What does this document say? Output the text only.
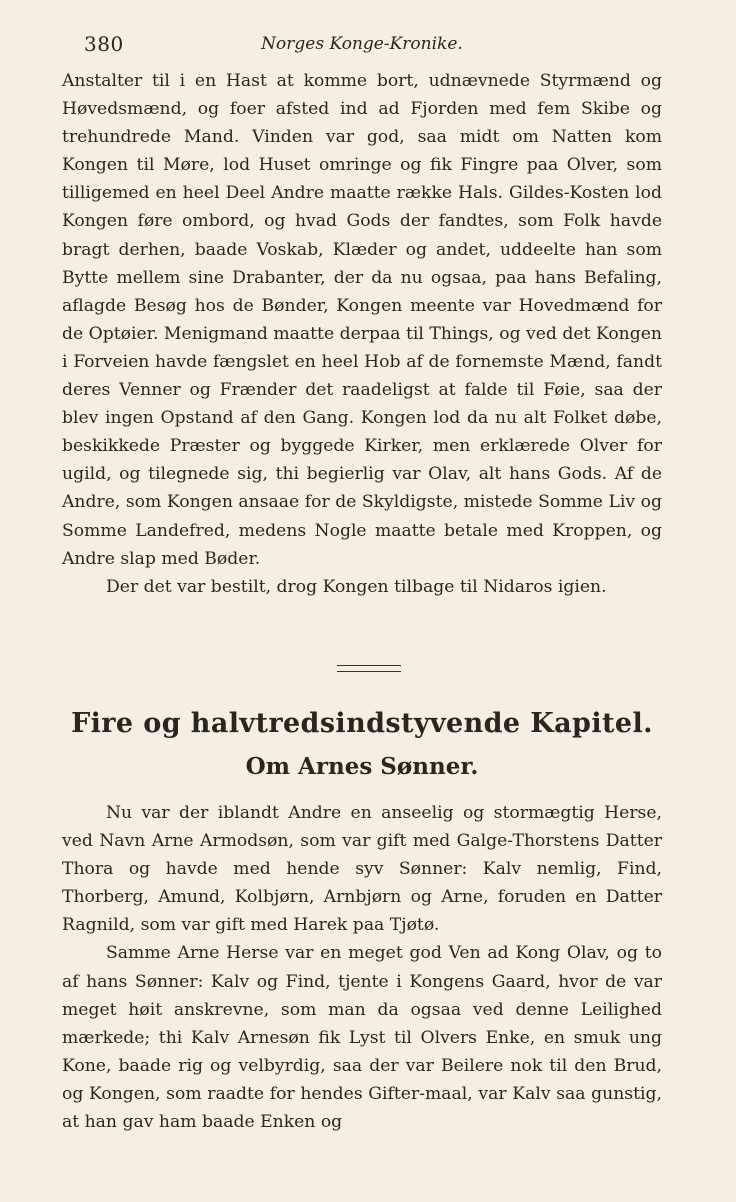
380	Norges Konge-Kronike.

Anstalter til i en Hast at komme bort, udnævnede Styrmænd og Høvedsmænd, og foer afsted ind ad Fjorden med fem Skibe og trehundrede Mand. Vinden var god, saa midt om Natten kom Kongen til Møre, lod Huset omringe og fik Fingre paa Olver, som tilligemed en heel Deel Andre maatte række Hals. Gildes-Kosten lod Kongen føre ombord, og hvad Gods der fandtes, som Folk havde bragt derhen, baade Voskab, Klæder og andet, uddeelte han som Bytte mellem sine Drabanter, der da nu ogsaa, paa hans Befaling, aflagde Besøg hos de Bønder, Kongen meente var Hovedmænd for de Optøier. Menigmand maatte derpaa til Things, og ved det Kongen i Forveien havde fængslet en heel Hob af de fornemste Mænd, fandt deres Venner og Frænder det raadeligst at falde til Føie, saa der blev ingen Opstand af den Gang. Kongen lod da nu alt Folket døbe, beskikkede Præster og byggede Kirker, men erklærede Olver for ugild, og tilegnede sig, thi begierlig var Olav, alt hans Gods. Af de Andre, som Kongen ansaae for de Skyldigste, mistede Somme Liv og Somme Landefred, medens Nogle maatte betale med Kroppen, og Andre slap med Bøder.

Der det var bestilt, drog Kongen tilbage til Nidaros igien.

Fire og halvtredsindstyvende Kapitel.
Om Arnes Sønner.

Nu var der iblandt Andre en anseelig og stormægtig Herse, ved Navn Arne Armodsøn, som var gift med Galge-Thorstens Datter Thora og havde med hende syv Sønner: Kalv nemlig, Find, Thorberg, Amund, Kolbjørn, Arnbjørn og Arne, foruden en Datter Ragnild, som var gift med Harek paa Tjøtø.

Samme Arne Herse var en meget god Ven ad Kong Olav, og to af hans Sønner: Kalv og Find, tjente i Kongens Gaard, hvor de var meget høit anskrevne, som man da ogsaa ved denne Leilighed mærkede; thi Kalv Arnesøn fik Lyst til Olvers Enke, en smuk ung Kone, baade rig og velbyrdig, saa der var Beilere nok til den Brud, og Kongen, som raadte for hendes Gifter-maal, var Kalv saa gunstig, at han gav ham baade Enken og
